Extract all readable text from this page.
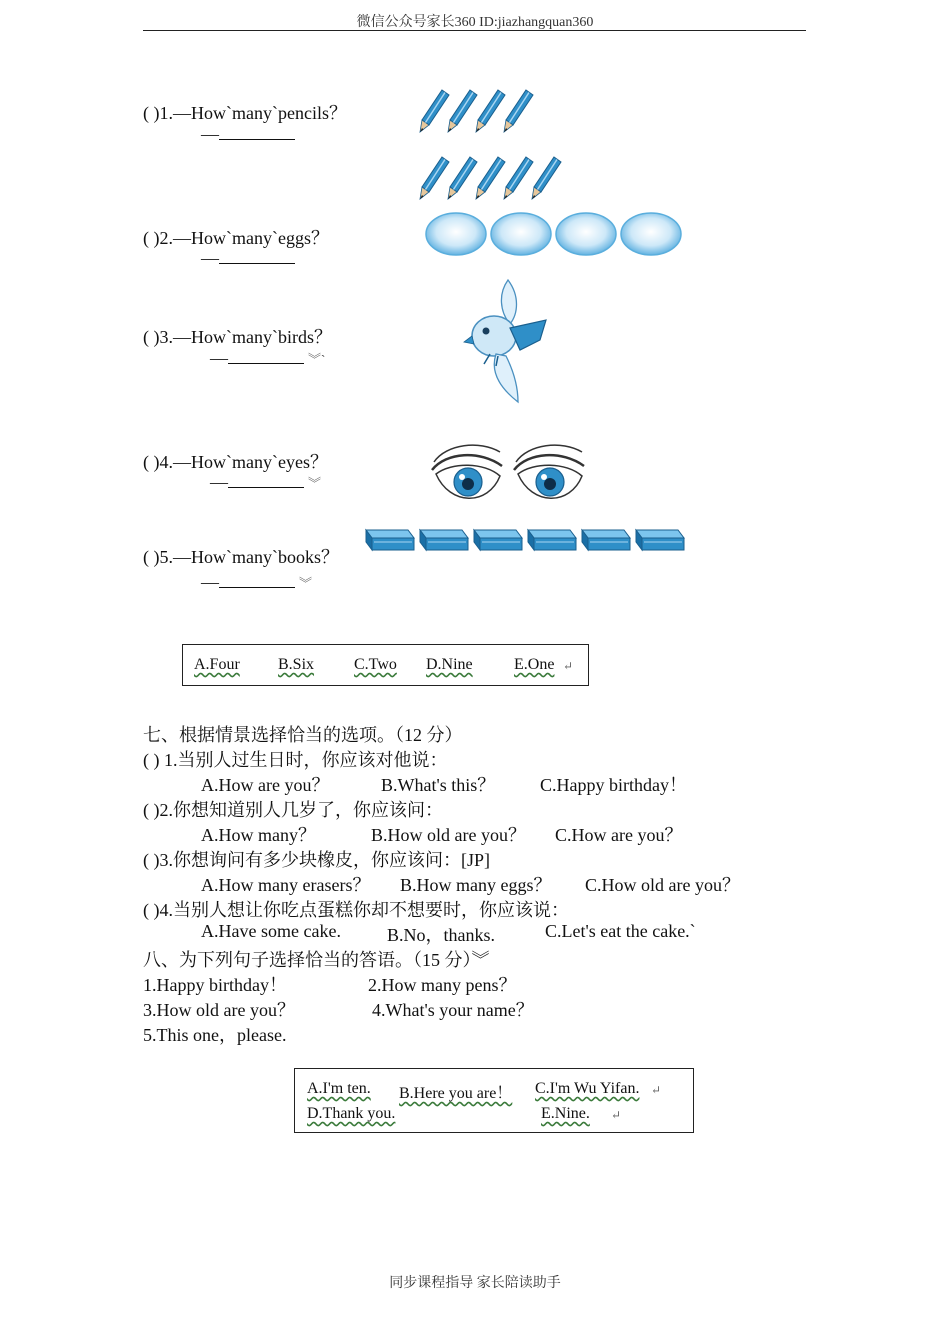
微信公众号家长360 ID:jiazhangquan360
( )1.—How`many`pencils？
—
( )2.—How`many`eggs？
—
( )3.—How`many`birds？
—	︾`
( )4.—How`many`eyes？
—	︾
( )5.—How`many`books？
—	︾
A.Four B.Six C.Two D.Nine	E.One ↵
七、根据情景选择恰当的选项。（12 分）
( ) 1.当别人过生日时，你应该对他说：
A.How are you？	B.What's this？ C.Happy birthday！
( )2.你想知道别人几岁了，你应该问：
A.How many？	B.How old are you？ C.How are you？
( )3.你想询问有多少块橡皮，你应该问：[JP]
A.How many erasers？ B.How many eggs？ C.How old are you？
( )4.当别人想让你吃点蛋糕你却不想要时，你应该说：
A.Have some cake.	B.No，thanks.	C.Let's eat the cake.`
八、为下列句子选择恰当的答语。（15 分）︾
1.Happy birthday！	2.How many pens？
3.How old are you？	4.What's your name？
5.This one，please.
A.I'm ten. B.Here you are！ C.I'm Wu Yifan.
D.Thank you.	E.Nine.
↵
↵
同步课程指导 家长陪读助手
